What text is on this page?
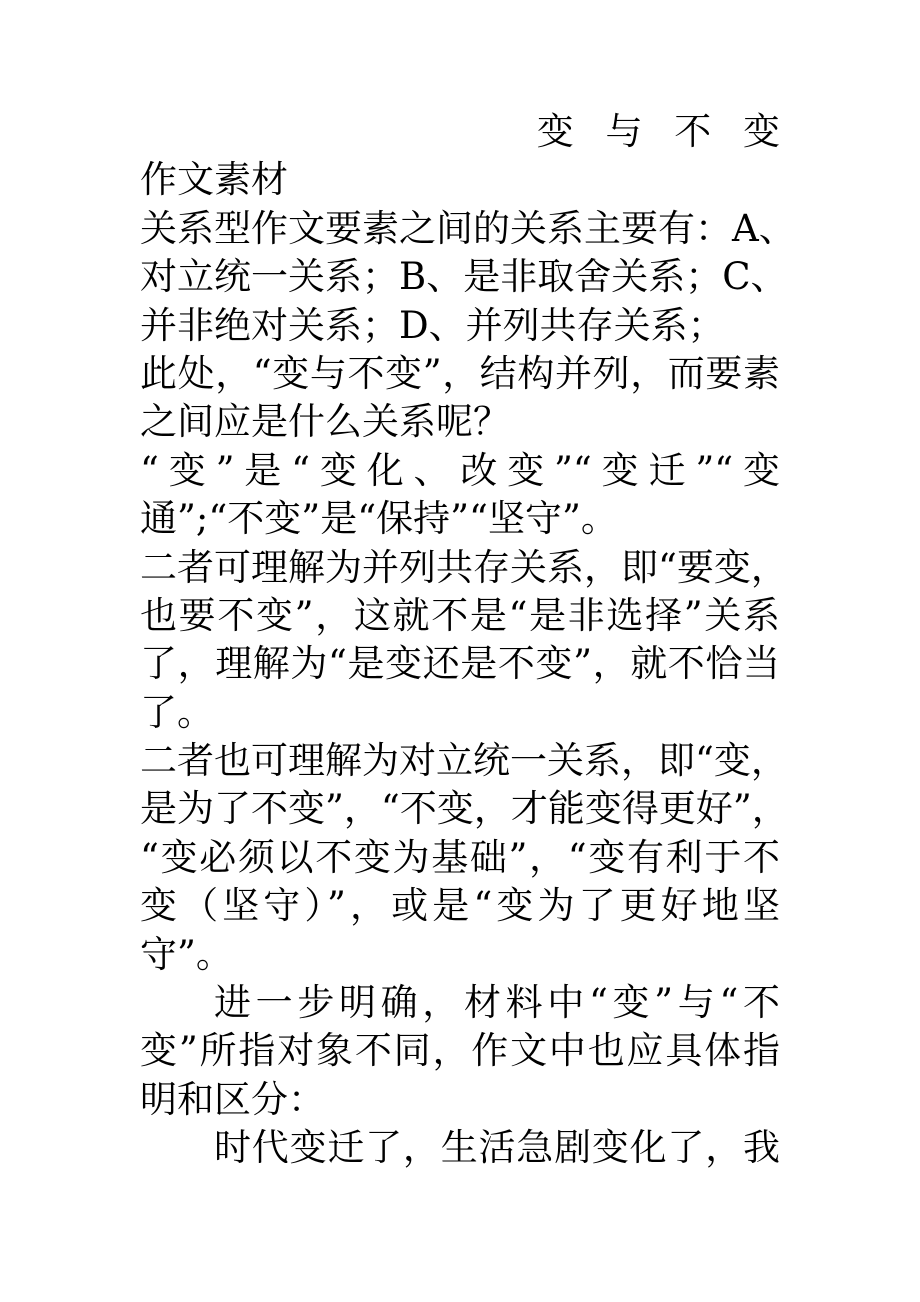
变 与 不 变
作文素材
关系型作文要素之间的关系主要有：A、
对立统一关系；B、是非取舍关系；C、
并非绝对关系；D、并列共存关系；
此处，“变与不变”，结构并列，而要素
之间应是什么关系呢？
“变”是“变化、改变”“变迁”“变
通”;“不变”是“保持”“坚守”。
二者可理解为并列共存关系，即“要变，
也要不变”，这就不是“是非选择”关系
了，理解为“是变还是不变”，就不恰当
了。
二者也可理解为对立统一关系，即“变，
是为了不变”，“不变，才能变得更好”，
“变必须以不变为基础”，“变有利于不
变（坚守）”，或是“变为了更好地坚
守”。
进一步明确，材料中“变”与“不
变”所指对象不同，作文中也应具体指
明和区分：
时代变迁了，生活急剧变化了，我
